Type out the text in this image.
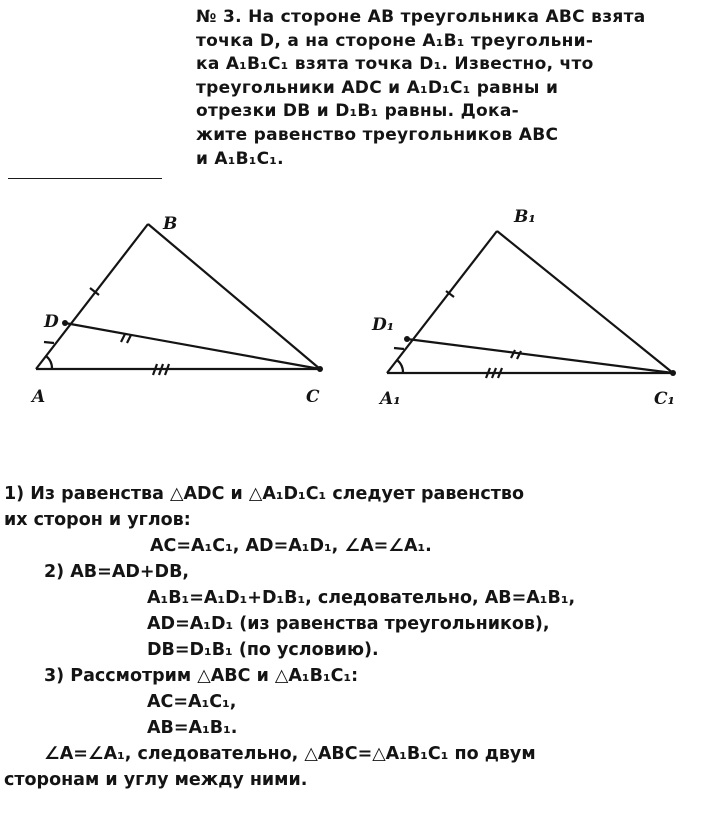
№ 3. На стороне AB треугольника ABC взята
точка D, а на стороне A₁B₁ треугольни-
ка A₁B₁C₁ взята точка D₁. Известно, что
треугольники ADC и A₁D₁C₁ равны и
отрезки DB и D₁B₁ равны. Дока-
жите равенство треугольников ABC
и A₁B₁C₁.
B
D
A	C
B₁
D₁
A₁	C₁
1) Из равенства △ADC и △A₁D₁C₁ следует равенство
их сторон и углов:
AC=A₁C₁, AD=A₁D₁, ∠A=∠A₁.
2) AB=AD+DB,
A₁B₁=A₁D₁+D₁B₁, следовательно, AB=A₁B₁,
AD=A₁D₁ (из равенства треугольников),
DB=D₁B₁ (по условию).
3) Рассмотрим △ABC и △A₁B₁C₁:
AC=A₁C₁,
AB=A₁B₁.
∠A=∠A₁, следовательно, △ABC=△A₁B₁C₁ по двум
сторонам и углу между ними.
